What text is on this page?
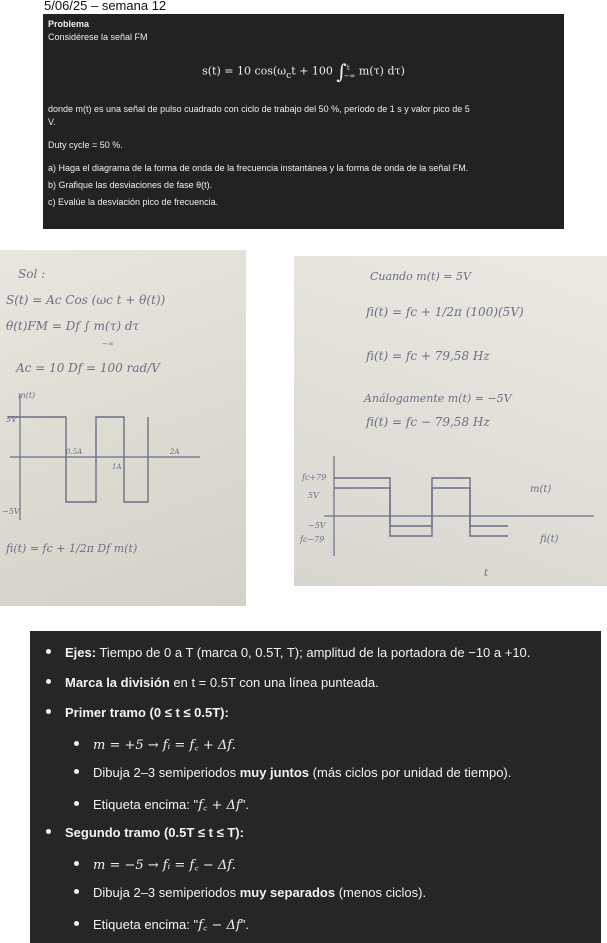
5/06/25 – semana 12
Problema
Considérese la señal FM
s(t) = 10 $\cos(\omega_ct + 100$ ∫$^t_{-\infty}$ m(τ) dτ)

donde m(t) es una señal de pulso cuadrado con ciclo de trabajo del 50 %, período de 1 s y valor pico de 5

V.

Duty cycle = 50 %.

a) Haga el diagrama de la forma de onda de la frecuencia instantánea y la forma de onda de la señal FM.

b) Grafique las desviaciones de fase θ(t).

c) Evalúe la desviación pico de frecuencia.

Sol :
S(t) = Ac Cos (ωc t + θ(t))
θ(t)FM = Df ∫ m(τ) dτ
−∞
Ac = 10 Df = 100 rad/V
m(t)
5V
−5V
0.5A
1A
2A
fi(t) = fc + 1/2π Df m(t)
Cuando m(t) = 5V
fi(t) = fc + 1/2π (100)(5V)
fi(t) = fc + 79,58 Hz
Análogamente m(t) = −5V
fi(t) = fc − 79,58 Hz
fc+79
5V
−5V
fc−79
m(t)
fi(t)
t
Ejes: Tiempo de 0 a T (marca 0, 0.5T, T); amplitud de la portadora de −10 a +10.
Marca la división en t = 0.5T con una línea punteada.
Primer tramo (0 ≤ t ≤ 0.5T):
m = +5 → fᵢ = f꜀ + Δf.
Dibuja 2–3 semiperiodos muy juntos (más ciclos por unidad de tiempo).
Etiqueta encima: "f꜀ + Δf".
Segundo tramo (0.5T ≤ t ≤ T):
m = −5 → fᵢ = f꜀ − Δf.
Dibuja 2–3 semiperiodos muy separados (menos ciclos).
Etiqueta encima: "f꜀ − Δf".
